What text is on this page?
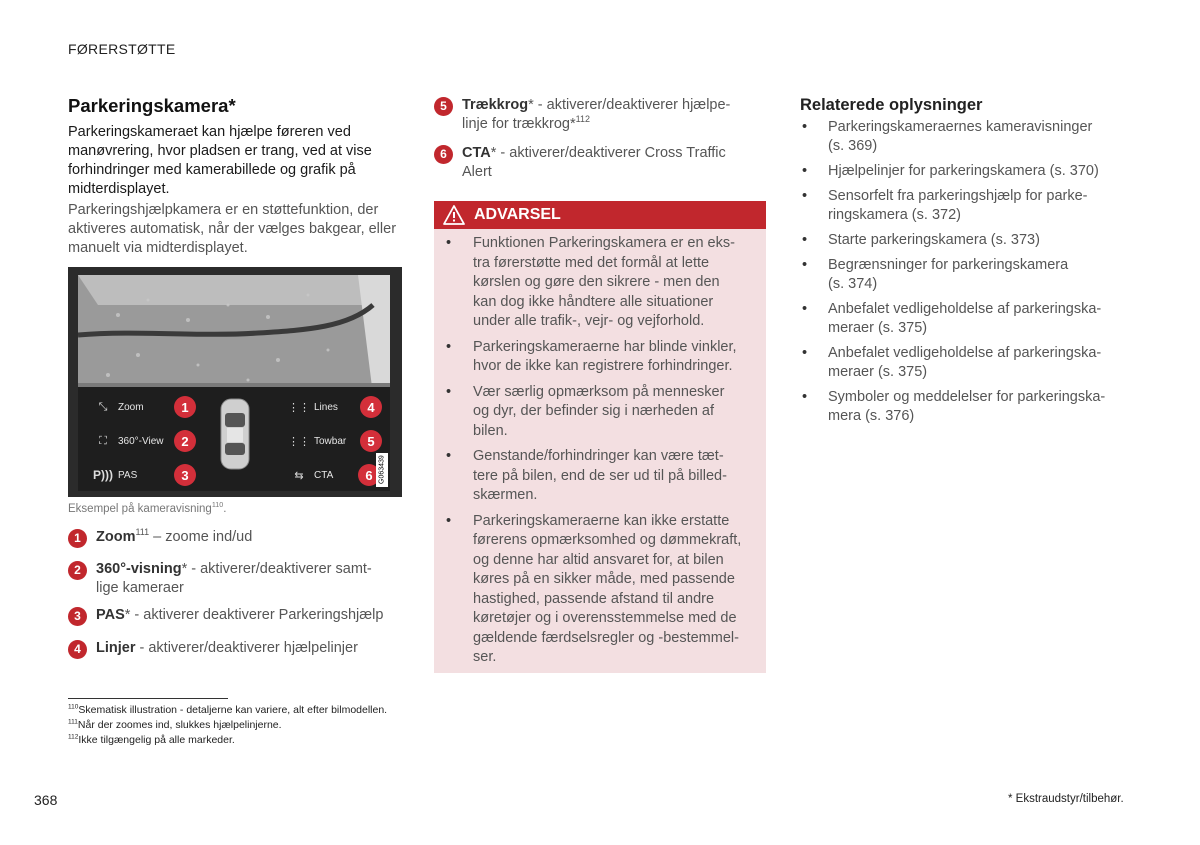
FØRERSTØTTE
Parkeringskamera*

Parkeringskameraet kan hjælpe føreren ved manøvrering, hvor pladsen er trang, ved at vise forhindringer med kamerabillede og grafik på midterdisplayet.

Parkeringshjælpkamera er en støttefunktion, der aktiveres automatisk, når der vælges bakgear, eller manuelt via midterdisplayet.

⤡	Zoom	1
⛶	360°-View	2
P))) PAS	3
⋮⋮ Lines	4
⋮⋮ Towbar	5
⇆	CTA	6 G063439
Eksempel på kameravisning$^{110}$.
1	Zoom$^{111}$ – zoome ind/ud
2	360°-visning* - aktiverer/deaktiverer samt-
lige kameraer
3	PAS* - aktiverer deaktiverer Parkeringshjælp
4	Linjer - aktiverer/deaktiverer hjælpelinjer
5	Trækkrog* - aktiverer/deaktiverer hjælpe-
linje for trækkrog*$^{112}$
6	CTA* - aktiverer/deaktiverer Cross Traffic
Alert
ADVARSEL
• Funktionen Parkeringskamera er en eks-
tra førerstøtte med det formål at lette
kørslen og gøre den sikrere - men den
kan dog ikke håndtere alle situationer
under alle trafik-, vejr- og vejforhold.
• Parkeringskameraerne har blinde vinkler,
hvor de ikke kan registrere forhindringer.
• Vær særlig opmærksom på mennesker
og dyr, der befinder sig i nærheden af
bilen.
• Genstande/forhindringer kan være tæt-
tere på bilen, end de ser ud til på billed-
skærmen.
• Parkeringskameraerne kan ikke erstatte
førerens opmærksomhed og dømmekraft,
og denne har altid ansvaret for, at bilen
køres på en sikker måde, med passende
hastighed, passende afstand til andre
køretøjer og i overensstemmelse med de
gældende færdselsregler og -bestemmel-
ser.
Relaterede oplysninger
• Parkeringskameraernes kameravisninger
(s. 369)
• Hjælpelinjer for parkeringskamera (s. 370)
• Sensorfelt fra parkeringshjælp for parke-
ringskamera (s. 372)
• Starte parkeringskamera (s. 373)
• Begrænsninger for parkeringskamera
(s. 374)
• Anbefalet vedligeholdelse af parkeringska-
meraer (s. 375)
• Anbefalet vedligeholdelse af parkeringska-
meraer (s. 375)
• Symboler og meddelelser for parkeringska-
mera (s. 376)
$^{110}$Skematisk illustration - detaljerne kan variere, alt efter bilmodellen.
$^{111}$Når der zoomes ind, slukkes hjælpelinjerne.
$^{112}$Ikke tilgængelig på alle markeder.
368	* Ekstraudstyr/tilbehør.
